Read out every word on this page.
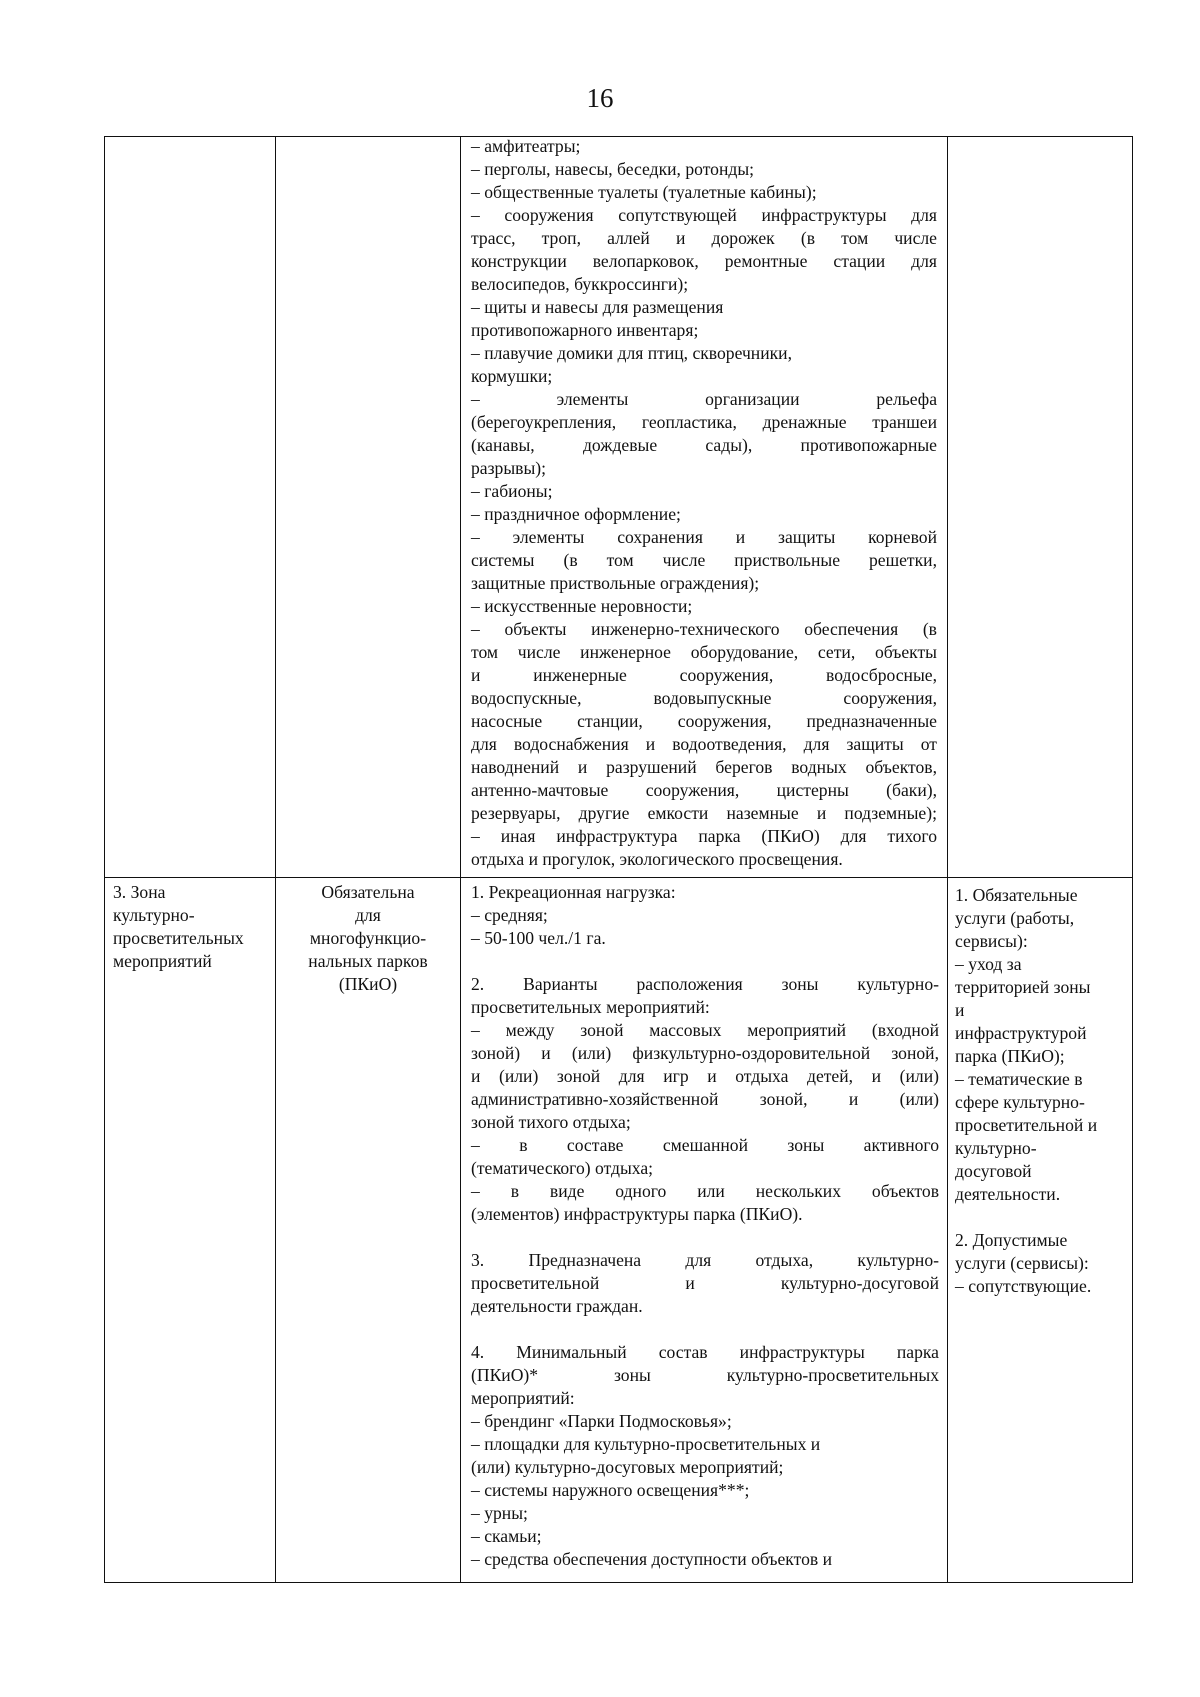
16
– амфитеатры;
– перголы, навесы, беседки, ротонды;
– общественные туалеты (туалетные кабины);
– сооружения сопутствующей инфраструктуры для
трасс, троп, аллей и дорожек (в том числе
конструкции велопарковок, ремонтные стации для
велосипедов, буккроссинги);
– щиты и навесы для размещения
противопожарного инвентаря;
– плавучие домики для птиц, скворечники,
кормушки;
– элементы организации рельефа
(берегоукрепления, геопластика, дренажные траншеи
(канавы, дождевые сады), противопожарные
разрывы);
– габионы;
– праздничное оформление;
– элементы сохранения и защиты корневой
системы (в том числе приствольные решетки,
защитные приствольные ограждения);
– искусственные неровности;
– объекты инженерно-технического обеспечения (в
том числе инженерное оборудование, сети, объекты
и инженерные сооружения, водосбросные,
водоспускные, водовыпускные сооружения,
насосные станции, сооружения, предназначенные
для водоснабжения и водоотведения, для защиты от
наводнений и разрушений берегов водных объектов,
антенно-мачтовые сооружения, цистерны (баки),
резервуары, другие емкости наземные и подземные);
– иная инфраструктура парка (ПКиО) для тихого
отдыха и прогулок, экологического просвещения.
3. Зона
культурно-
просветительных
мероприятий
Обязательна
для
многофункцио-
нальных парков
(ПКиО)
1. Рекреационная нагрузка:
– средняя;
– 50-100 чел./1 га.
2. Варианты расположения зоны культурно-
просветительных мероприятий:
– между зоной массовых мероприятий (входной
зоной) и (или) физкультурно-оздоровительной зоной,
и (или) зоной для игр и отдыха детей, и (или)
административно-хозяйственной зоной, и (или)
зоной тихого отдыха;
– в составе смешанной зоны активного
(тематического) отдыха;
– в виде одного или нескольких объектов
(элементов) инфраструктуры парка (ПКиО).
3. Предназначена для отдыха, культурно-
просветительной и культурно-досуговой
деятельности граждан.
4. Минимальный состав инфраструктуры парка
(ПКиО)* зоны культурно-просветительных
мероприятий:
– брендинг «Парки Подмосковья»;
– площадки для культурно-просветительных и
(или) культурно-досуговых мероприятий;
– системы наружного освещения***;
– урны;
– скамьи;
– средства обеспечения доступности объектов и
1. Обязательные
услуги (работы,
сервисы):
– уход за
территорией зоны
и
инфраструктурой
парка (ПКиО);
– тематические в
сфере культурно-
просветительной и
культурно-
досуговой
деятельности.
2. Допустимые
услуги (сервисы):
– сопутствующие.
